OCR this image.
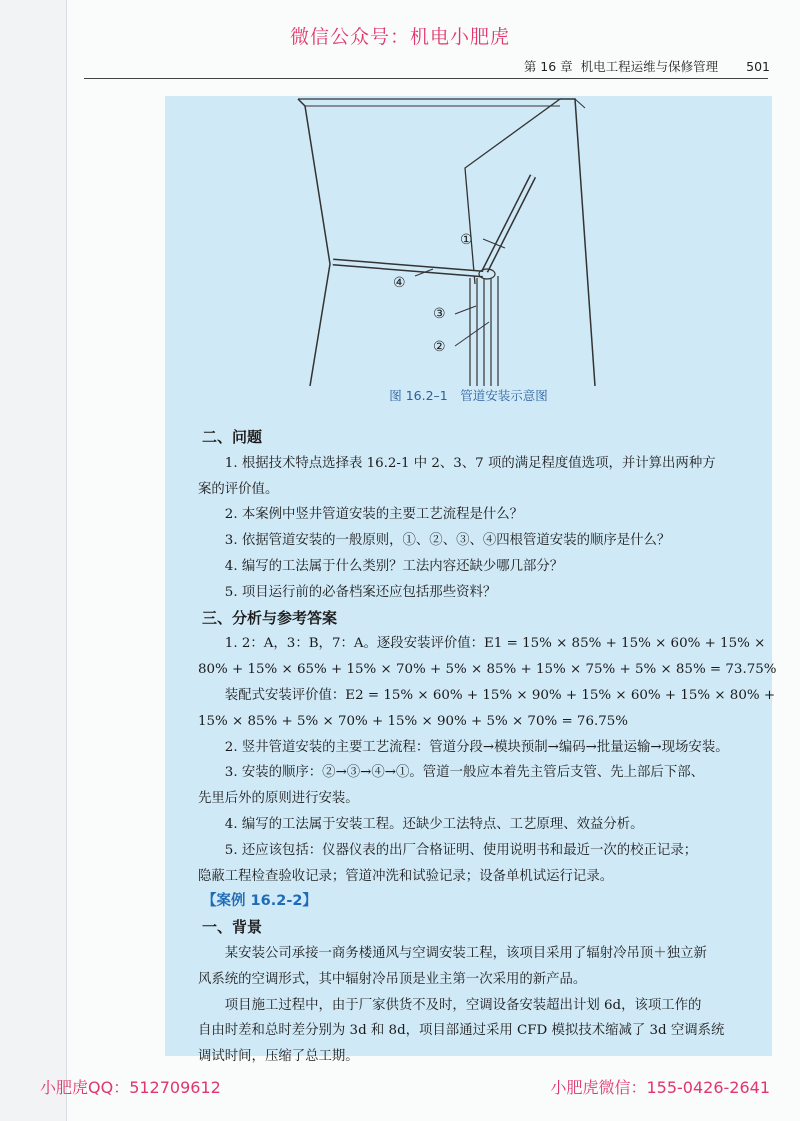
微信公众号：机电小肥虎
第 16 章 机电工程运维与保修管理 501
①
②
③
④
图 16.2–1　管道安装示意图
二、问题

1. 根据技术特点选择表 16.2-1 中 2、3、7 项的满足程度值选项，并计算出两种方

案的评价值。

2. 本案例中竖井管道安装的主要工艺流程是什么？

3. 依据管道安装的一般原则，①、②、③、④四根管道安装的顺序是什么？

4. 编写的工法属于什么类别？工法内容还缺少哪几部分？

5. 项目运行前的必备档案还应包括那些资料？

三、分析与参考答案

1. 2：A，3：B，7：A。逐段安装评价值：E1 = 15% × 85% + 15% × 60% + 15% ×

80% + 15% × 65% + 15% × 70% + 5% × 85% + 15% × 75% + 5% × 85% = 73.75%

装配式安装评价值：E2 = 15% × 60% + 15% × 90% + 15% × 60% + 15% × 80% +

15% × 85% + 5% × 70% + 15% × 90% + 5% × 70% = 76.75%

2. 竖井管道安装的主要工艺流程：管道分段→模块预制→编码→批量运输→现场安装。

3. 安装的顺序：②→③→④→①。管道一般应本着先主管后支管、先上部后下部、

先里后外的原则进行安装。

4. 编写的工法属于安装工程。还缺少工法特点、工艺原理、效益分析。

5. 还应该包括：仪器仪表的出厂合格证明、使用说明书和最近一次的校正记录；

隐蔽工程检查验收记录；管道冲洗和试验记录；设备单机试运行记录。

【案例 16.2-2】
一、背景

某安装公司承接一商务楼通风与空调安装工程，该项目采用了辐射冷吊顶＋独立新

风系统的空调形式，其中辐射冷吊顶是业主第一次采用的新产品。

项目施工过程中，由于厂家供货不及时，空调设备安装超出计划 6d，该项工作的

自由时差和总时差分别为 3d 和 8d，项目部通过采用 CFD 模拟技术缩减了 3d 空调系统

调试时间，压缩了总工期。

小肥虎QQ：512709612	小肥虎微信：155-0426-2641
